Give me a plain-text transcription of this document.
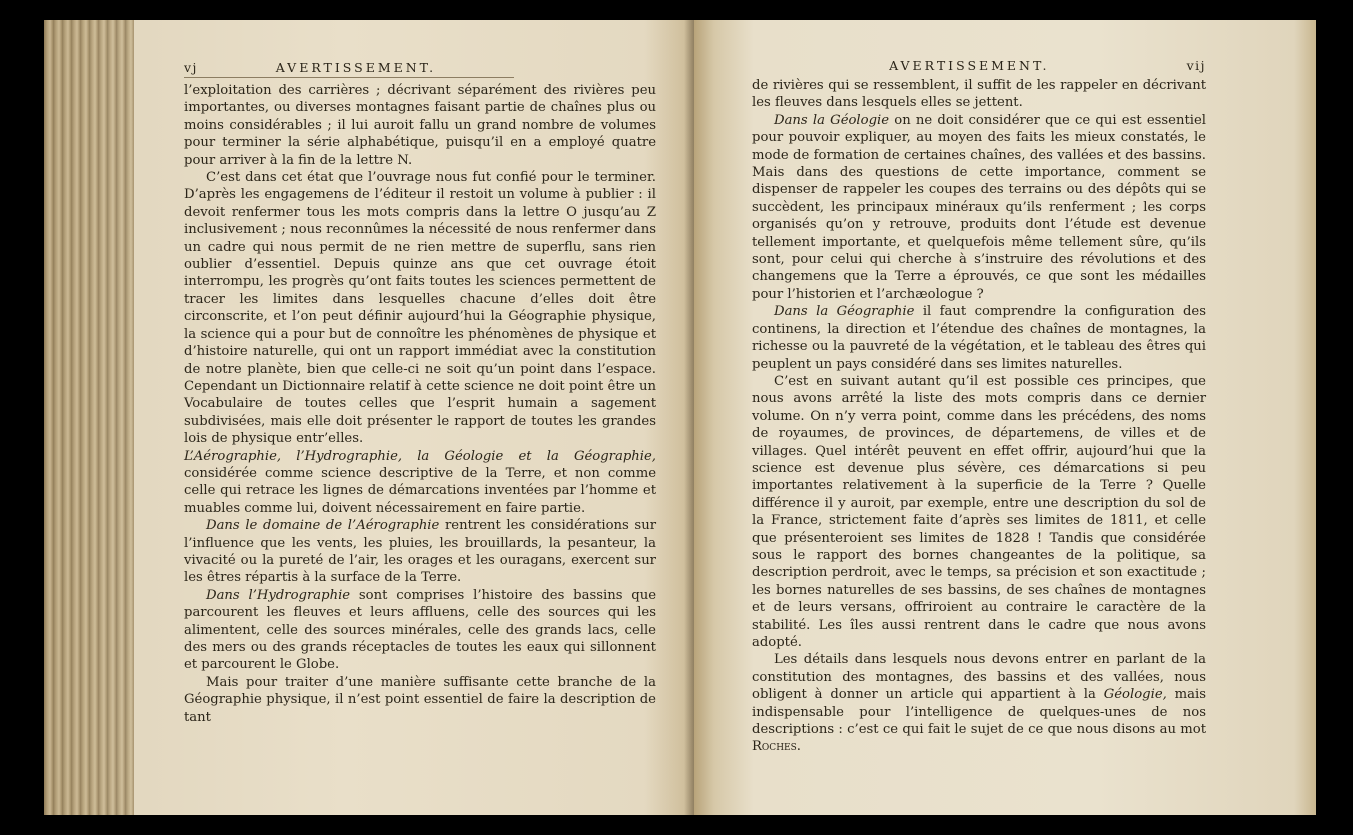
vj	AVERTISSEMENT.

l’exploitation des carrières ; décrivant séparément des rivières peu importantes, ou diverses montagnes faisant partie de chaînes plus ou moins considérables ; il lui auroit fallu un grand nombre de volumes pour terminer la série alphabétique, puisqu’il en a employé quatre pour arriver à la fin de la lettre N.

C’est dans cet état que l’ouvrage nous fut confié pour le terminer. D’après les engagemens de l’éditeur il restoit un volume à publier : il devoit renfermer tous les mots compris dans la lettre O jusqu’au Z inclusivement ; nous reconnûmes la nécessité de nous renfermer dans un cadre qui nous permit de ne rien mettre de superflu, sans rien oublier d’essentiel. Depuis quinze ans que cet ouvrage étoit interrompu, les progrès qu’ont faits toutes les sciences permettent de tracer les limites dans lesquelles chacune d’elles doit être circonscrite, et l’on peut définir aujourd’hui la Géographie physique, la science qui a pour but de connoître les phénomènes de physique et d’histoire naturelle, qui ont un rapport immédiat avec la constitution de notre planète, bien que celle-ci ne soit qu’un point dans l’espace. Cependant un Dictionnaire relatif à cette science ne doit point être un Vocabulaire de toutes celles que l’esprit humain a sagement subdivisées, mais elle doit présenter le rapport de toutes les grandes lois de physique entr’elles.

L’Aérographie, l’Hydrographie, la Géologie et la Géographie, considérée comme science descriptive de la Terre, et non comme celle qui retrace les lignes de démarcations inventées par l’homme et muables comme lui, doivent nécessairement en faire partie.

Dans le domaine de l’Aérographie rentrent les considérations sur l’influence que les vents, les pluies, les brouillards, la pesanteur, la vivacité ou la pureté de l’air, les orages et les ouragans, exercent sur les êtres répartis à la surface de la Terre.

Dans l’Hydrographie sont comprises l’histoire des bassins que parcourent les fleuves et leurs affluens, celle des sources qui les alimentent, celle des sources minérales, celle des grands lacs, celle des mers ou des grands réceptacles de toutes les eaux qui sillonnent et parcourent le Globe.

Mais pour traiter d’une manière suffisante cette branche de la Géographie physique, il n’est point essentiel de faire la description de tant

AVERTISSEMENT.	vij

de rivières qui se ressemblent, il suffit de les rappeler en décrivant les fleuves dans lesquels elles se jettent.

Dans la Géologie on ne doit considérer que ce qui est essentiel pour pouvoir expliquer, au moyen des faits les mieux constatés, le mode de formation de certaines chaînes, des vallées et des bassins. Mais dans des questions de cette importance, comment se dispenser de rappeler les coupes des terrains ou des dépôts qui se succèdent, les principaux minéraux qu’ils renferment ; les corps organisés qu’on y retrouve, produits dont l’étude est devenue tellement importante, et quelquefois même tellement sûre, qu’ils sont, pour celui qui cherche à s’instruire des révolutions et des changemens que la Terre a éprouvés, ce que sont les médailles pour l’historien et l’archæologue ?

Dans la Géographie il faut comprendre la configuration des continens, la direction et l’étendue des chaînes de montagnes, la richesse ou la pauvreté de la végétation, et le tableau des êtres qui peuplent un pays considéré dans ses limites naturelles.

C’est en suivant autant qu’il est possible ces principes, que nous avons arrêté la liste des mots compris dans ce dernier volume. On n’y verra point, comme dans les précédens, des noms de royaumes, de provinces, de départemens, de villes et de villages. Quel intérêt peuvent en effet offrir, aujourd’hui que la science est devenue plus sévère, ces démarcations si peu importantes relativement à la superficie de la Terre ? Quelle différence il y auroit, par exemple, entre une description du sol de la France, strictement faite d’après ses limites de 1811, et celle que présenteroient ses limites de 1828 ! Tandis que considérée sous le rapport des bornes changeantes de la politique, sa description perdroit, avec le temps, sa précision et son exactitude ; les bornes naturelles de ses bassins, de ses chaînes de montagnes et de leurs versans, offriroient au contraire le caractère de la stabilité. Les îles aussi rentrent dans le cadre que nous avons adopté.

Les détails dans lesquels nous devons entrer en parlant de la constitution des montagnes, des bassins et des vallées, nous obligent à donner un article qui appartient à la Géologie, mais indispensable pour l’intelligence de quelques-unes de nos descriptions : c’est ce qui fait le sujet de ce que nous disons au mot Roches.
